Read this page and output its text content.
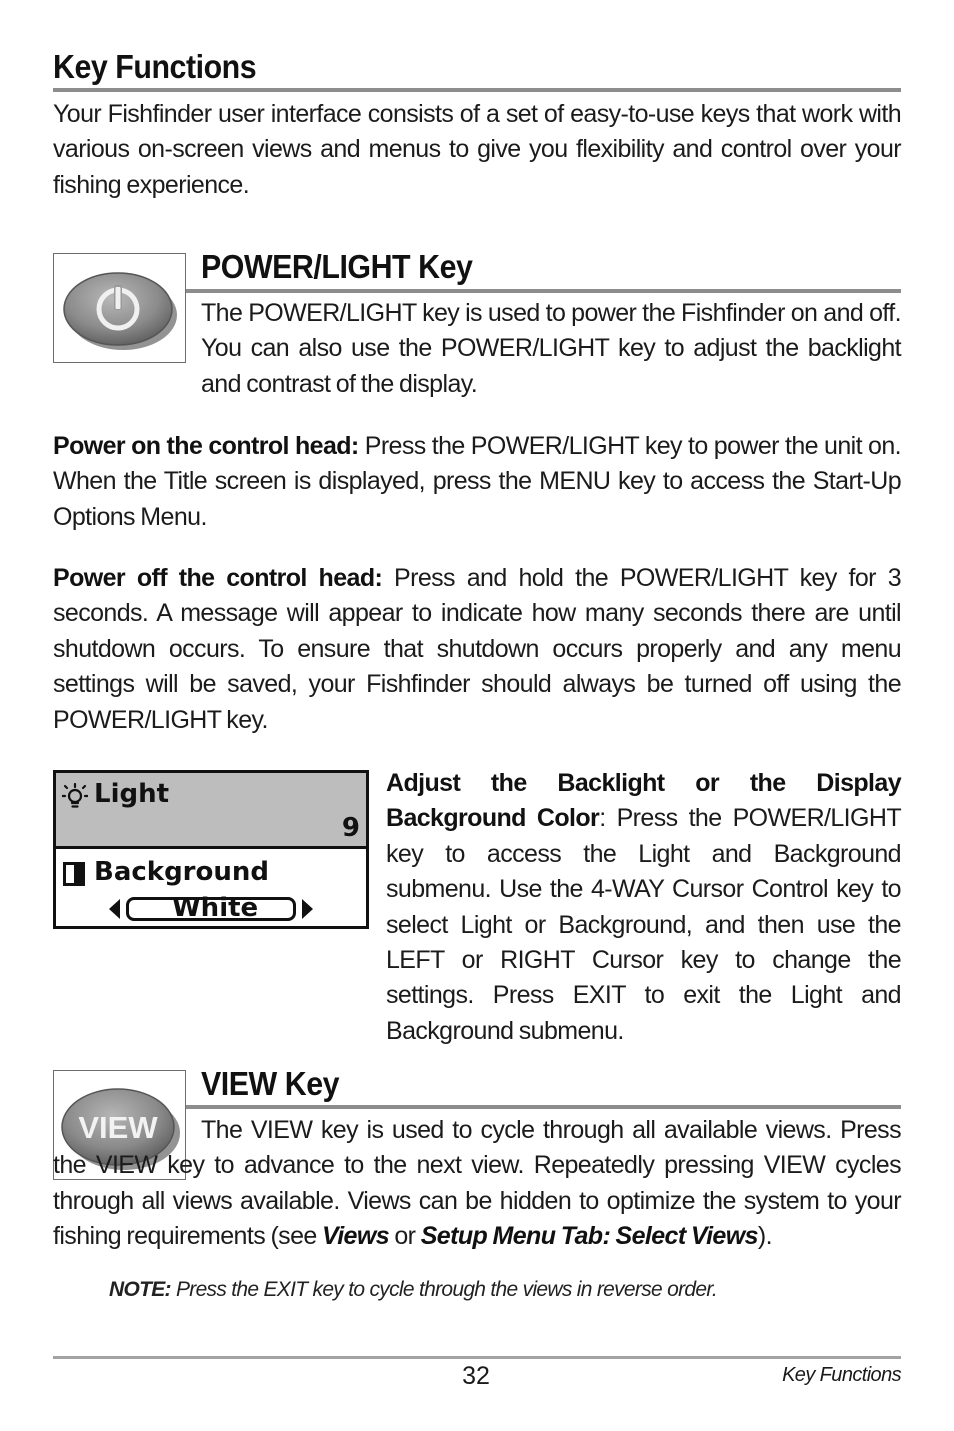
Key Functions
Your Fishfinder user interface consists of a set of easy-to-use keys that work with various on-screen views and menus to give you flexibility and control over your fishing experience.
POWER/LIGHT Key
The POWER/LIGHT key is used to power the Fishfinder on and off. You can also use the POWER/LIGHT key to adjust the backlight and contrast of the display.
Power on the control head: Press the POWER/LIGHT key to power the unit on. When the Title screen is displayed, press the MENU key to access the Start-Up Options Menu.
Power off the control head: Press and hold the POWER/LIGHT key for 3 seconds. A message will appear to indicate how many seconds there are until shutdown occurs. To ensure that shutdown occurs properly and any menu settings will be saved, your Fishfinder should always be turned off using the POWER/LIGHT key.
Light
9
Background
White
Adjust the Backlight or the Display Background Color: Press the POWER/LIGHT key to access the Light and Background submenu. Use the 4-WAY Cursor Control key to select Light or Background, and then use the LEFT or RIGHT Cursor key to change the settings. Press EXIT to exit the Light and Background submenu.
VIEW
VIEW Key
The VIEW key is used to cycle through all available views. Press the VIEW key to advance to the next view. Repeatedly pressing VIEW cycles through all views available. Views can be hidden to optimize the system to your fishing requirements (see Views or Setup Menu Tab: Select Views).
NOTE: Press the EXIT key to cycle through the views in reverse order.
32	Key Functions
